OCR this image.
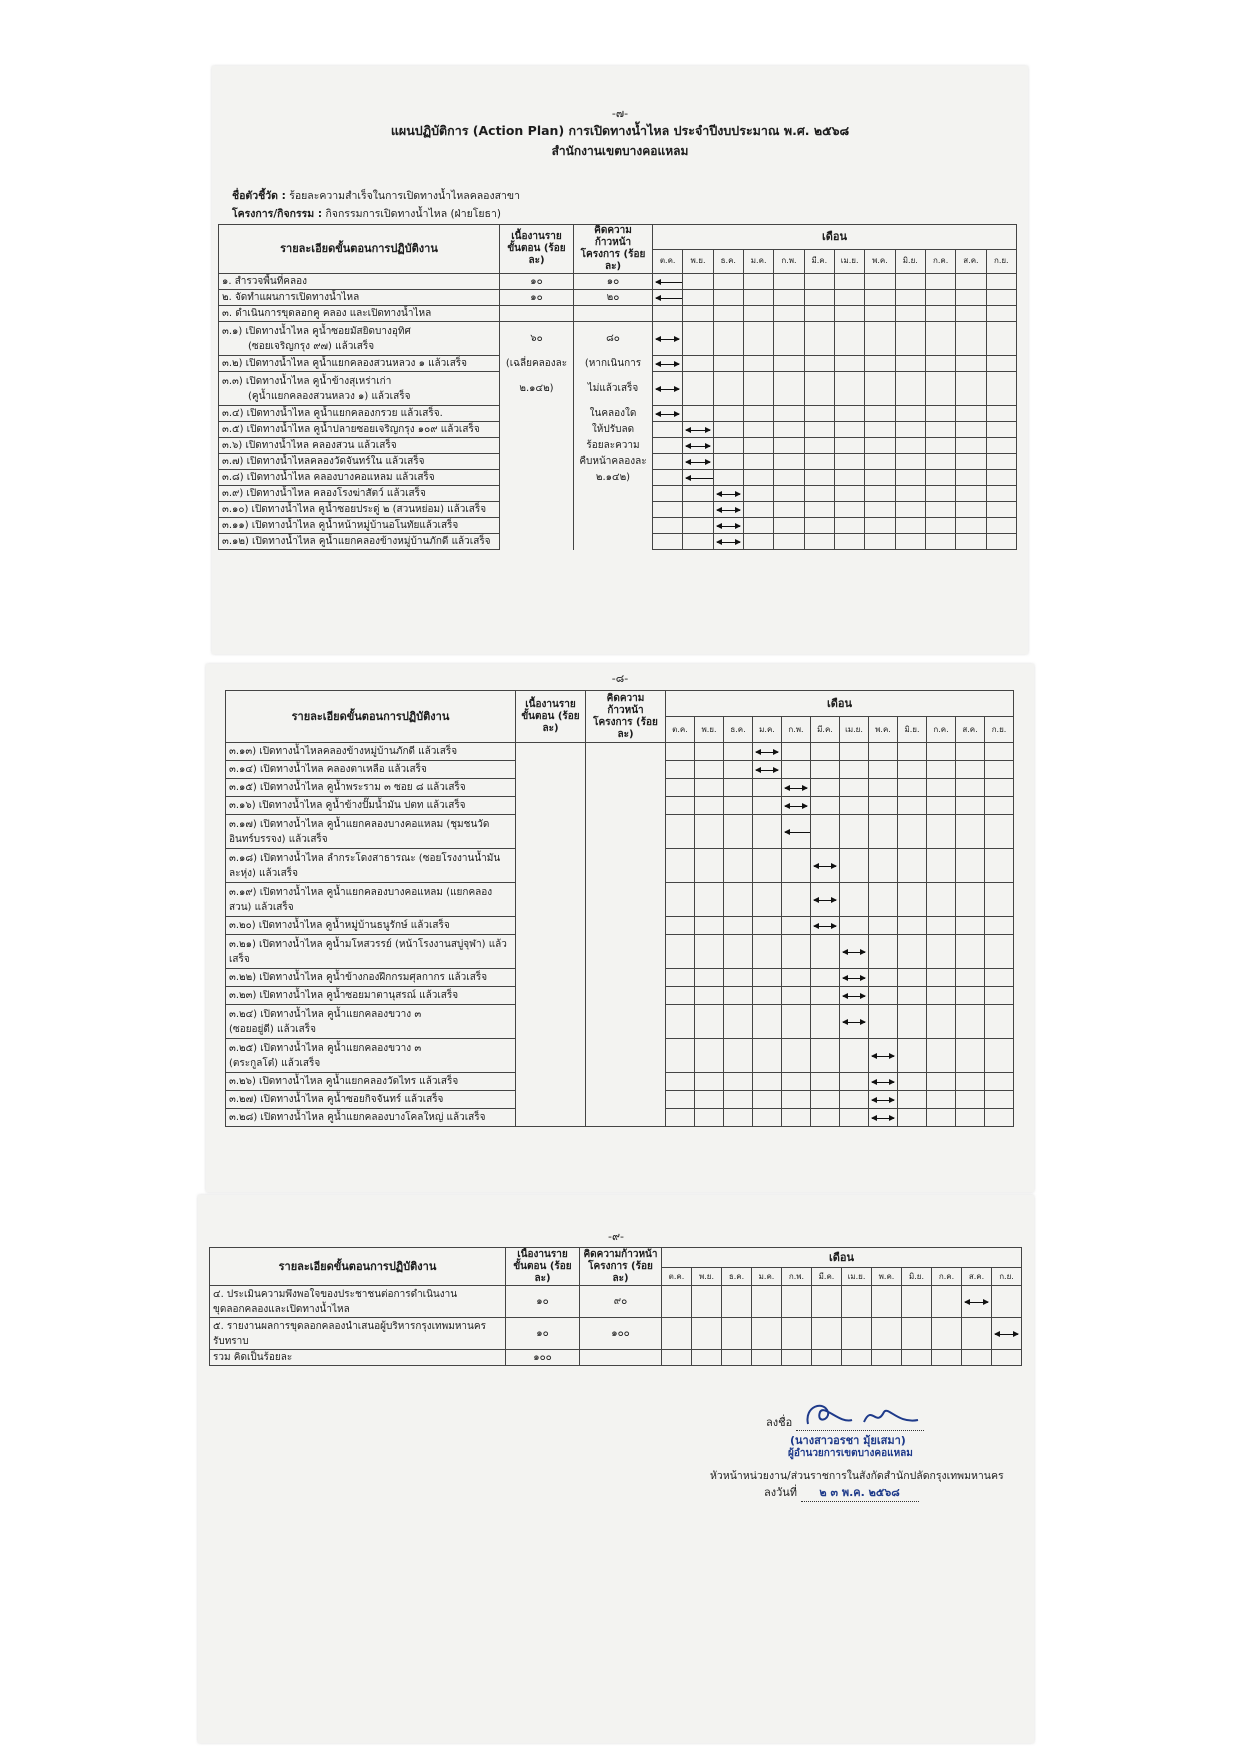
-๗-
แผนปฏิบัติการ (Action Plan) การเปิดทางน้ำไหล ประจำปีงบประมาณ พ.ศ. ๒๕๖๘
สำนักงานเขตบางคอแหลม
ชื่อตัวชี้วัด : ร้อยละความสำเร็จในการเปิดทางน้ำไหลคลองสาขา
โครงการ/กิจกรรม : กิจกรรมการเปิดทางน้ำไหล (ฝ่ายโยธา)
รายละเอียดขั้นตอนการปฏิบัติงาน	เนื้องานราย ขั้นตอน (ร้อยละ)	คิดความก้าวหน้า โครงการ (ร้อยละ)	เดือน											
			ต.ค.	พ.ย.	ธ.ค.	ม.ค.	ก.พ.	มี.ค.	เม.ย.	พ.ค.	มิ.ย.	ก.ค.	ส.ค.	ก.ย.

๑. สำรวจพื้นที่คลอง	๑๐	๑๐	

๒. จัดทำแผนการเปิดทางน้ำไหล	๑๐	๒๐	

๓. ดำเนินการขุดลอกคู คลอง และเปิดทางน้ำไหล														

๓.๑) เปิดทางน้ำไหล คูน้ำซอยมัสยิดบางอุทิศ
(ซอยเจริญกรุง ๙๗) แล้วเสร็จ	๖๐	๘๐	

๓.๒) เปิดทางน้ำไหล คูน้ำแยกคลองสวนหลวง ๑ แล้วเสร็จ	(เฉลี่ยคลองละ	(หากเนินการ	

๓.๓) เปิดทางน้ำไหล คูน้ำข้างสุเหร่าเก่า
(คูน้ำแยกคลองสวนหลวง ๑) แล้วเสร็จ	๒.๑๔๒)	ไม่แล้วเสร็จ	

๓.๔) เปิดทางน้ำไหล คูน้ำแยกคลองกรวย แล้วเสร็จ.		ในคลองใด	

๓.๕) เปิดทางน้ำไหล คูน้ำปลายซอยเจริญกรุง ๑๐๙ แล้วเสร็จ		ให้ปรับลด		

๓.๖) เปิดทางน้ำไหล คลองสวน แล้วเสร็จ		ร้อยละความ		

๓.๗) เปิดทางน้ำไหลคลองวัดจันทร์ใน แล้วเสร็จ		คืบหน้าคลองละ		

๓.๘) เปิดทางน้ำไหล คลองบางคอแหลม แล้วเสร็จ		๒.๑๔๒)		

๓.๙) เปิดทางน้ำไหล คลองโรงฆ่าสัตว์ แล้วเสร็จ														

๓.๑๐) เปิดทางน้ำไหล คูน้ำซอยประดู่ ๒ (สวนหย่อม) แล้วเสร็จ														

๓.๑๑) เปิดทางน้ำไหล คูน้ำหน้าหมู่บ้านอโนทัยแล้วเสร็จ														

๓.๑๒) เปิดทางน้ำไหล คูน้ำแยกคลองข้างหมู่บ้านภักดี แล้วเสร็จ														

-๘-
รายละเอียดขั้นตอนการปฏิบัติงาน	เนื้องานราย ขั้นตอน (ร้อยละ)	คิดความก้าวหน้า โครงการ (ร้อยละ)	เดือน											
			ต.ค.	พ.ย.	ธ.ค.	ม.ค.	ก.พ.	มี.ค.	เม.ย.	พ.ค.	มิ.ย.	ก.ค.	ส.ค.	ก.ย.

๓.๑๓) เปิดทางน้ำไหลคลองข้างหมู่บ้านภักดี แล้วเสร็จ														

๓.๑๔) เปิดทางน้ำไหล คลองตาเหลือ แล้วเสร็จ														

๓.๑๕) เปิดทางน้ำไหล คูน้ำพระราม ๓ ซอย ๘ แล้วเสร็จ														

๓.๑๖) เปิดทางน้ำไหล คูน้ำข้างปั๊มน้ำมัน ปตท แล้วเสร็จ														

๓.๑๗) เปิดทางน้ำไหล คูน้ำแยกคลองบางคอแหลม (ชุมชนวัด
อินทร์บรรจง) แล้วเสร็จ														

๓.๑๘) เปิดทางน้ำไหล ลำกระโดงสาธารณะ (ซอยโรงงานน้ำมัน
ละหุ่ง) แล้วเสร็จ														

๓.๑๙) เปิดทางน้ำไหล คูน้ำแยกคลองบางคอแหลม (แยกคลอง
สวน) แล้วเสร็จ														

๓.๒๐) เปิดทางน้ำไหล คูน้ำหมู่บ้านธนูรักษ์ แล้วเสร็จ														

๓.๒๑) เปิดทางน้ำไหล คูน้ำมโหสวรรย์ (หน้าโรงงานสบู่จุฬา) แล้ว
เสร็จ														

๓.๒๒) เปิดทางน้ำไหล คูน้ำข้างกองฝึกกรมศุลกากร แล้วเสร็จ														

๓.๒๓) เปิดทางน้ำไหล คูน้ำซอยมาตานุสรณ์ แล้วเสร็จ														

๓.๒๔) เปิดทางน้ำไหล คูน้ำแยกคลองขวาง ๓
(ซอยอยู่ดี) แล้วเสร็จ														

๓.๒๕) เปิดทางน้ำไหล คูน้ำแยกคลองขวาง ๓
(ตระกูลโต๋) แล้วเสร็จ														

๓.๒๖) เปิดทางน้ำไหล คูน้ำแยกคลองวัดไทร แล้วเสร็จ														

๓.๒๗) เปิดทางน้ำไหล คูน้ำซอยกิจจันทร์ แล้วเสร็จ														

๓.๒๘) เปิดทางน้ำไหล คูน้ำแยกคลองบางโคลใหญ่ แล้วเสร็จ														

-๙-
รายละเอียดขั้นตอนการปฏิบัติงาน	เนื้องานราย ขั้นตอน (ร้อยละ)	คิดความก้าวหน้า โครงการ (ร้อยละ)	เดือน											
			ต.ค.	พ.ย.	ธ.ค.	ม.ค.	ก.พ.	มี.ค.	เม.ย.	พ.ค.	มิ.ย.	ก.ค.	ส.ค.	ก.ย.

๔. ประเมินความพึงพอใจของประชาชนต่อการดำเนินงาน
ขุดลอกคลองและเปิดทางน้ำไหล	๑๐	๙๐											

๕. รายงานผลการขุดลอกคลองนำเสนอผู้บริหารกรุงเทพมหานคร
รับทราบ	๑๐	๑๐๐												

รวม คิดเป็นร้อยละ	๑๐๐													
ลงชื่อ
(นางสาวอรชา มุ้ยเสมา)
ผู้อำนวยการเขตบางคอแหลม
หัวหน้าหน่วยงาน/ส่วนราชการในสังกัดสำนักปลัดกรุงเทพมหานคร
ลงวันที่ ๒ ๓ พ.ค. ๒๕๖๘
